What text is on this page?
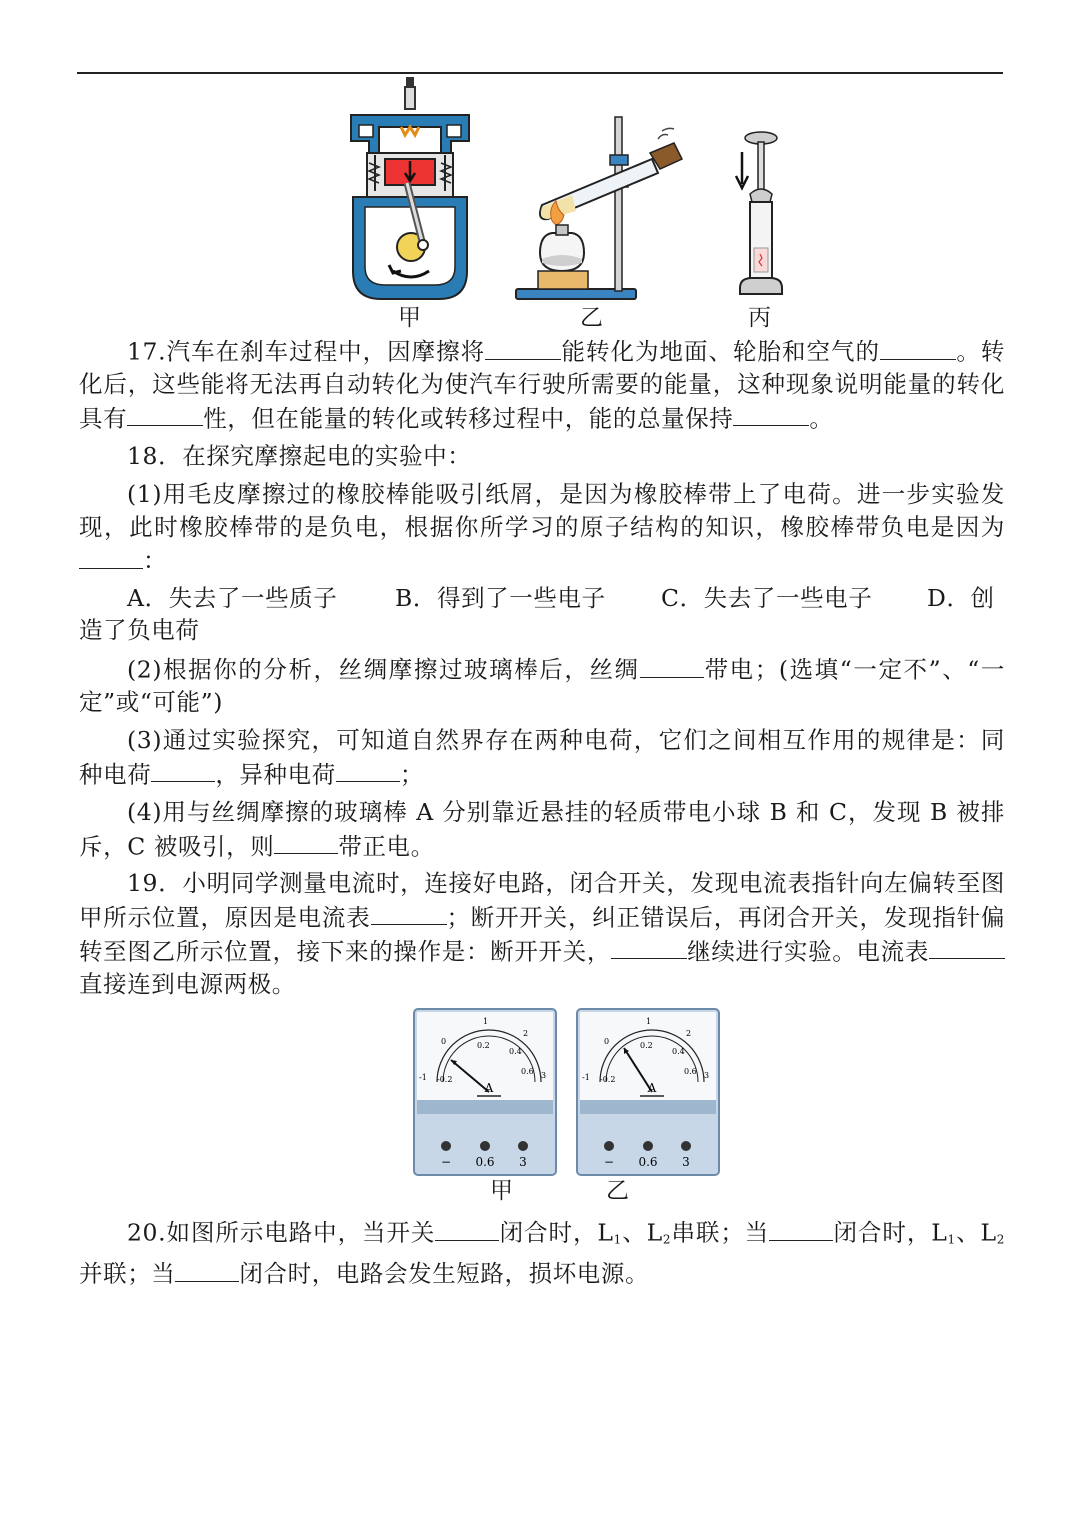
甲	乙	丙

17.汽车在刹车过程中，因摩擦将	能转化为地面、轮胎和空气的	。转化后，这些能将无法再自动转化为使汽车行驶所需要的能量，这种现象说明能量的转化具有	性，但在能量的转化或转移过程中，能的总量保持	。

18．在探究摩擦起电的实验中：

(1)用毛皮摩擦过的橡胶棒能吸引纸屑，是因为橡胶棒带上了电荷。进一步实验发现，此时橡胶棒带的是负电，根据你所学习的原子结构的知识，橡胶棒带负电是因为：

A．失去了一些质子 B．得到了一些电子 C．失去了一些电子 D．创
造了负电荷

(2)根据你的分析，丝绸摩擦过玻璃棒后，丝绸	带电；(选填“一定不”、“一定”或“可能”)

(3)通过实验探究，可知道自然界存在两种电荷，它们之间相互作用的规律是：同种电荷	，异种电荷	；

(4)用与丝绸摩擦的玻璃棒 A 分别靠近悬挂的轻质带电小球 B 和 C，发现 B 被排斥，C 被吸引，则	带正电。

19．小明同学测量电流时，连接好电路，闭合开关，发现电流表指针向左偏转至图甲所示位置，原因是电流表	；断开开关，纠正错误后，再闭合开关，发现指针偏转至图乙所示位置，接下来的操作是：断开开关，	继续进行实验。电流表直接连到电源两极。

A
0	0.2
0.4
0.6
-0.2
1
2
3
-1
− 0.6 3
A
0	0.2
0.4
0.6
-0.2
1
2
3
-1
− 0.6 3
甲	乙

20.如图所示电路中，当开关	闭合时，$L_1$、$L_2$串联；当	闭合时，$L_1$、$L_2$并联；当	闭合时，电路会发生短路，损坏电源。
